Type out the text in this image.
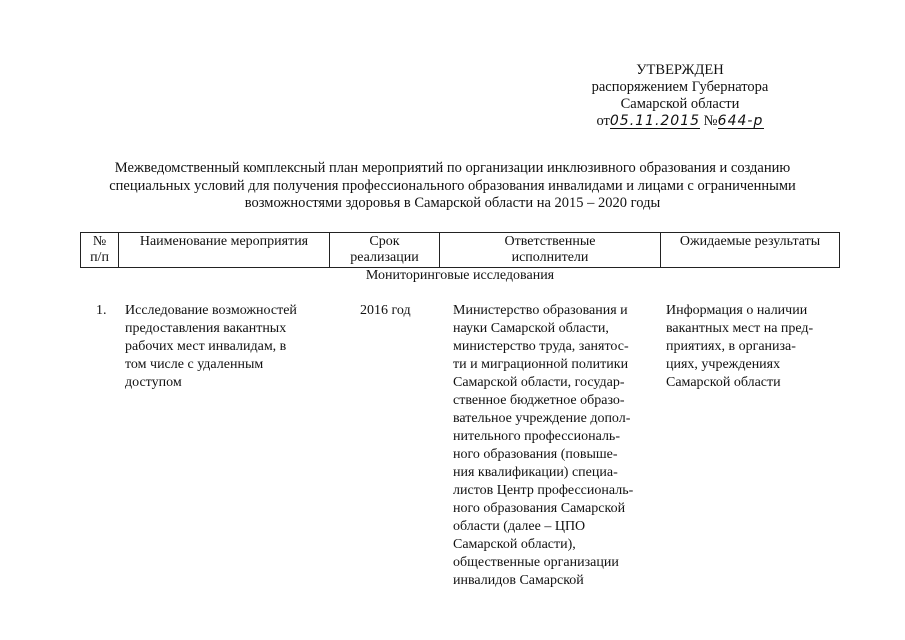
УТВЕРЖДЕН
распоряжением Губернатора
Самарской области
от05.11.2015 №644-р
Межведомственный комплексный план мероприятий по организации инклюзивного образования и созданию
специальных условий для получения профессионального образования инвалидами и лицами с ограниченными
возможностями здоровья в Самарской области на 2015 – 2020 годы
№
п/п
Наименование мероприятия	Срок
реализации
Ответственные
исполнители
Ожидаемые результаты
Мониторинговые исследования
1. Исследование возможностей
предоставления вакантных
рабочих мест инвалидам, в
том числе с удаленным
доступом
2016 год	Министерство образования и
науки Самарской области,
министерство труда, занятос-
ти и миграционной политики
Самарской области, государ-
ственное бюджетное образо-
вательное учреждение допол-
нительного профессиональ-
ного образования (повыше-
ния квалификации) специа-
листов Центр профессиональ-
ного образования Самарской
области (далее – ЦПО
Самарской области),
общественные организации
инвалидов Самарской
Информация о наличии
вакантных мест на пред-
приятиях, в организа-
циях, учреждениях
Самарской области
